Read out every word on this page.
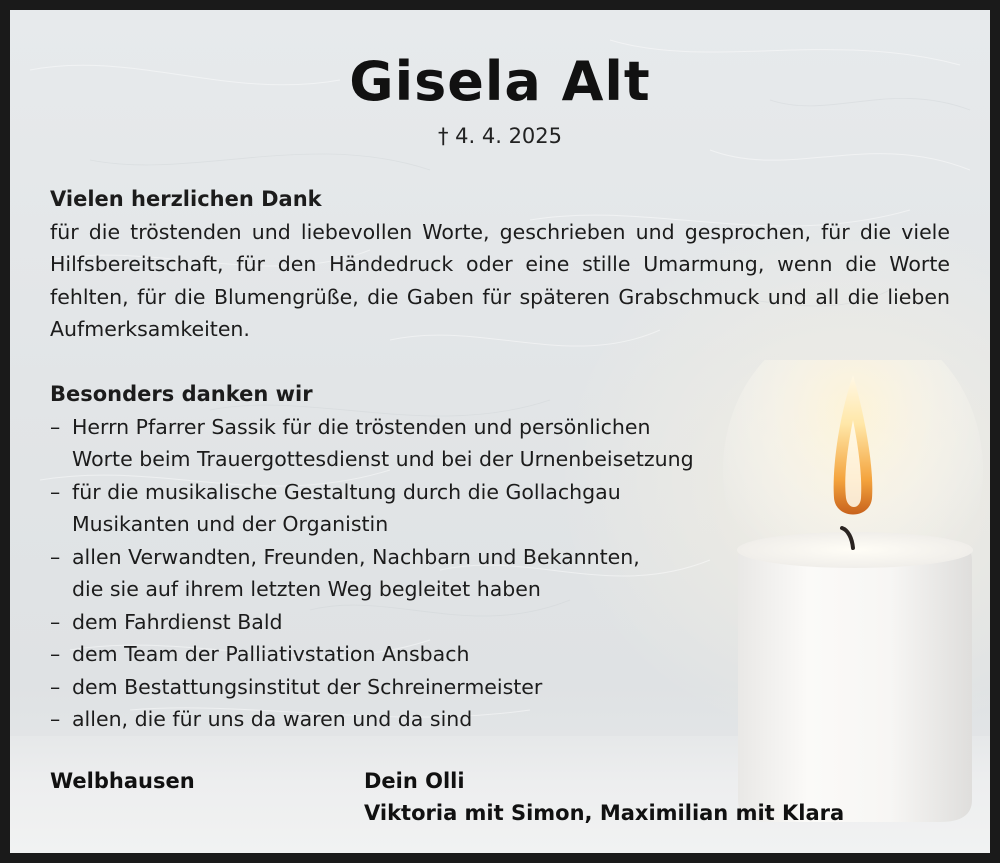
Gisela Alt
† 4. 4. 2025
Vielen herzlichen Dank
für die tröstenden und liebevollen Worte, geschrieben und gesprochen, für die viele Hilfsbereitschaft, für den Händedruck oder eine stille Umarmung, wenn die Worte fehlten, für die Blumengrüße, die Gaben für späteren Grabschmuck und all die lieben Aufmerksamkeiten.
Besonders danken wir
– Herrn Pfarrer Sassik für die tröstenden und persönlichen
Worte beim Trauergottesdienst und bei der Urnenbeisetzung
– für die musikalische Gestaltung durch die Gollachgau
Musikanten und der Organistin
– allen Verwandten, Freunden, Nachbarn und Bekannten,
die sie auf ihrem letzten Weg begleitet haben
– dem Fahrdienst Bald
– dem Team der Palliativstation Ansbach
– dem Bestattungsinstitut der Schreinermeister
– allen, die für uns da waren und da sind
Welbhausen	Dein Olli
Viktoria mit Simon, Maximilian mit Klara
